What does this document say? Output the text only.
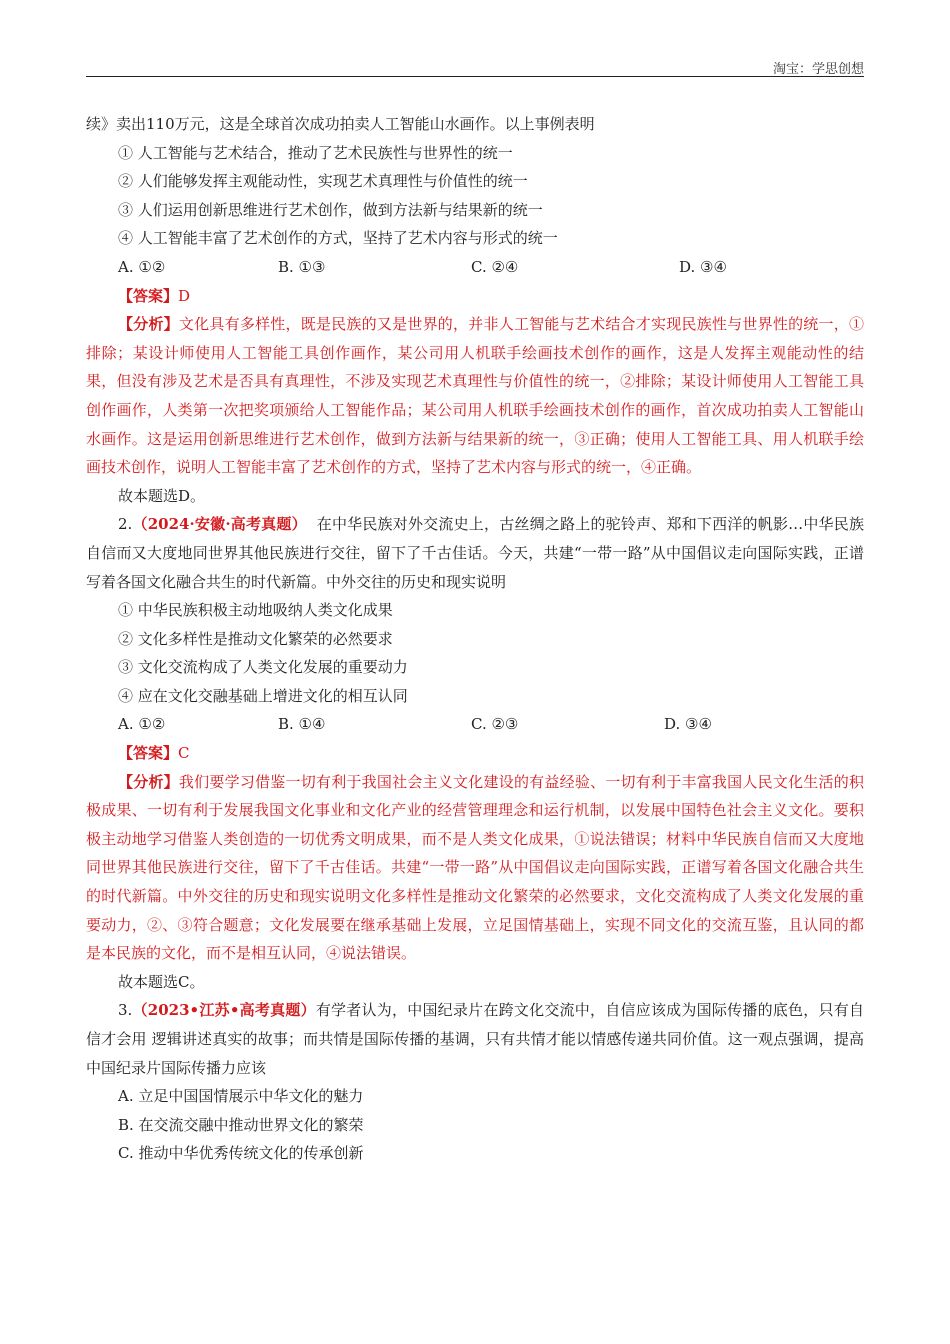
淘宝：学思创想

续》卖出110万元，这是全球首次成功拍卖人工智能山水画作。以上事例表明

① 人工智能与艺术结合，推动了艺术民族性与世界性的统一

② 人们能够发挥主观能动性，实现艺术真理性与价值性的统一

③ 人们运用创新思维进行艺术创作，做到方法新与结果新的统一

④ 人工智能丰富了艺术创作的方式，坚持了艺术内容与形式的统一

A. ①②	B. ①③	C. ②④	D. ③④

【答案】D

【分析】文化具有多样性，既是民族的又是世界的，并非人工智能与艺术结合才实现民族性与世界性的统一，①排除；某设计师使用人工智能工具创作画作，某公司用人机联手绘画技术创作的画作，这是人发挥主观能动性的结果，但没有涉及艺术是否具有真理性，不涉及实现艺术真理性与价值性的统一，②排除；某设计师使用人工智能工具创作画作，人类第一次把奖项颁给人工智能作品；某公司用人机联手绘画技术创作的画作，首次成功拍卖人工智能山水画作。这是运用创新思维进行艺术创作，做到方法新与结果新的统一，③正确；使用人工智能工具、用人机联手绘画技术创作，说明人工智能丰富了艺术创作的方式，坚持了艺术内容与形式的统一，④正确。

故本题选D。

2.（2024·安徽·高考真题） 在中华民族对外交流史上，古丝绸之路上的驼铃声、郑和下西洋的帆影…中华民族自信而又大度地同世界其他民族进行交往，留下了千古佳话。今天，共建“一带一路”从中国倡议走向国际实践，正谱写着各国文化融合共生的时代新篇。中外交往的历史和现实说明

① 中华民族积极主动地吸纳人类文化成果

② 文化多样性是推动文化繁荣的必然要求

③ 文化交流构成了人类文化发展的重要动力

④ 应在文化交融基础上增进文化的相互认同

A. ①②	B. ①④	C. ②③	D. ③④

【答案】C

【分析】我们要学习借鉴一切有利于我国社会主义文化建设的有益经验、一切有利于丰富我国人民文化生活的积极成果、一切有利于发展我国文化事业和文化产业的经营管理理念和运行机制，以发展中国特色社会主义文化。要积极主动地学习借鉴人类创造的一切优秀文明成果，而不是人类文化成果，①说法错误；材料中华民族自信而又大度地同世界其他民族进行交往，留下了千古佳话。共建“一带一路”从中国倡议走向国际实践，正谱写着各国文化融合共生的时代新篇。中外交往的历史和现实说明文化多样性是推动文化繁荣的必然要求，文化交流构成了人类文化发展的重要动力，②、③符合题意；文化发展要在继承基础上发展，立足国情基础上，实现不同文化的交流互鉴，且认同的都是本民族的文化，而不是相互认同，④说法错误。

故本题选C。

3.（2023•江苏•高考真题）有学者认为，中国纪录片在跨文化交流中，自信应该成为国际传播的底色，只有自信才会用 逻辑讲述真实的故事；而共情是国际传播的基调，只有共情才能以情感传递共同价值。这一观点强调，提高中国纪录片国际传播力应该

A. 立足中国国情展示中华文化的魅力

B. 在交流交融中推动世界文化的繁荣

C. 推动中华优秀传统文化的传承创新
